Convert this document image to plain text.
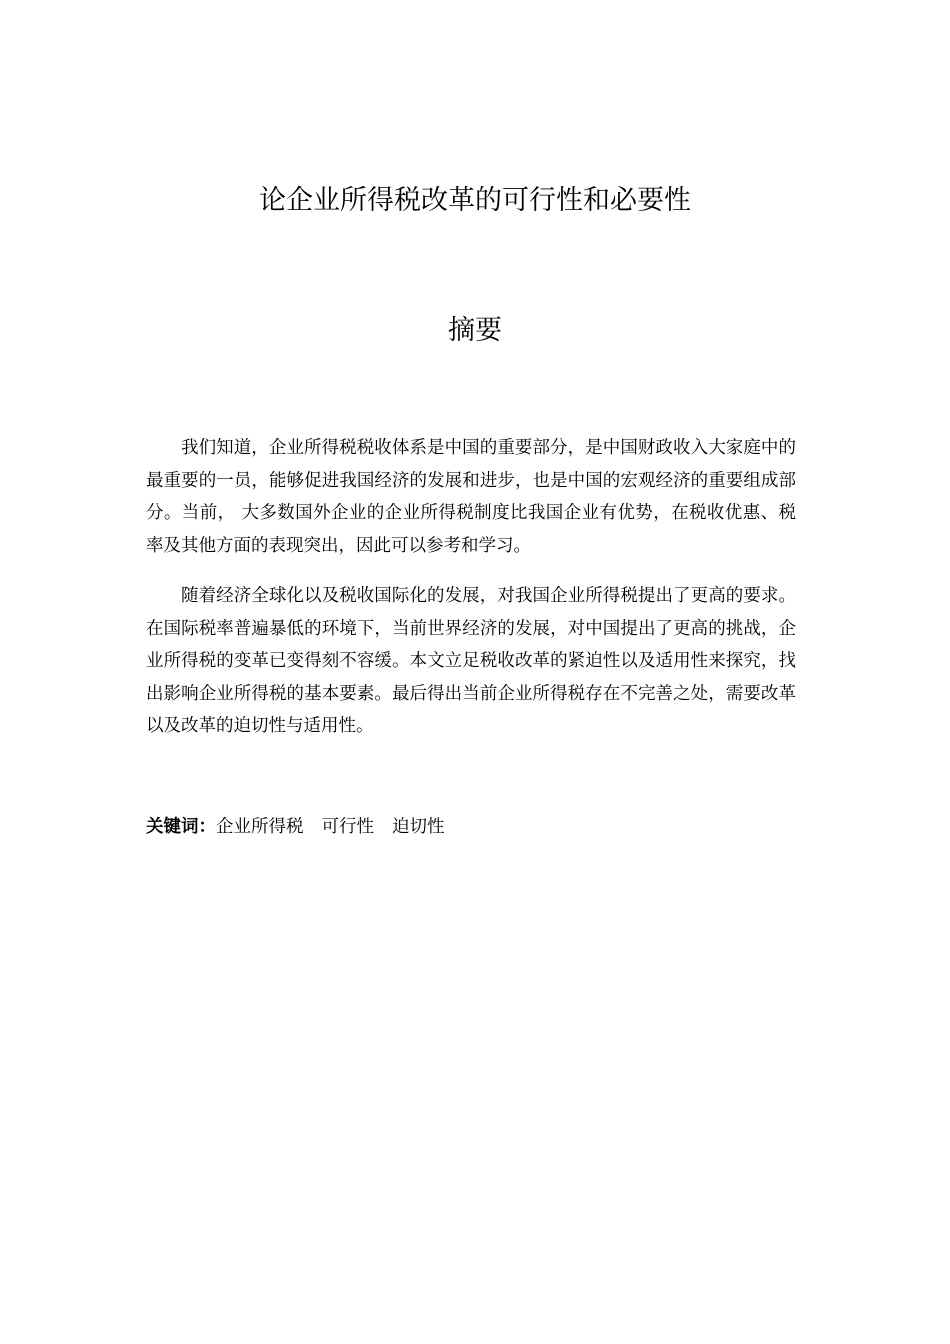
论企业所得税改革的可行性和必要性
摘要

我们知道，企业所得税税收体系是中国的重要部分，是中国财政收入大家庭中的最重要的一员，能够促进我国经济的发展和进步，也是中国的宏观经济的重要组成部分。当前， 大多数国外企业的企业所得税制度比我国企业有优势，在税收优惠、税率及其他方面的表现突出，因此可以参考和学习。

随着经济全球化以及税收国际化的发展，对我国企业所得税提出了更高的要求。在国际税率普遍暴低的环境下，当前世界经济的发展，对中国提出了更高的挑战，企业所得税的变革已变得刻不容缓。本文立足税收改革的紧迫性以及适用性来探究，找出影响企业所得税的基本要素。最后得出当前企业所得税存在不完善之处，需要改革以及改革的迫切性与适用性。

关键词：企业所得税 可行性 迫切性
